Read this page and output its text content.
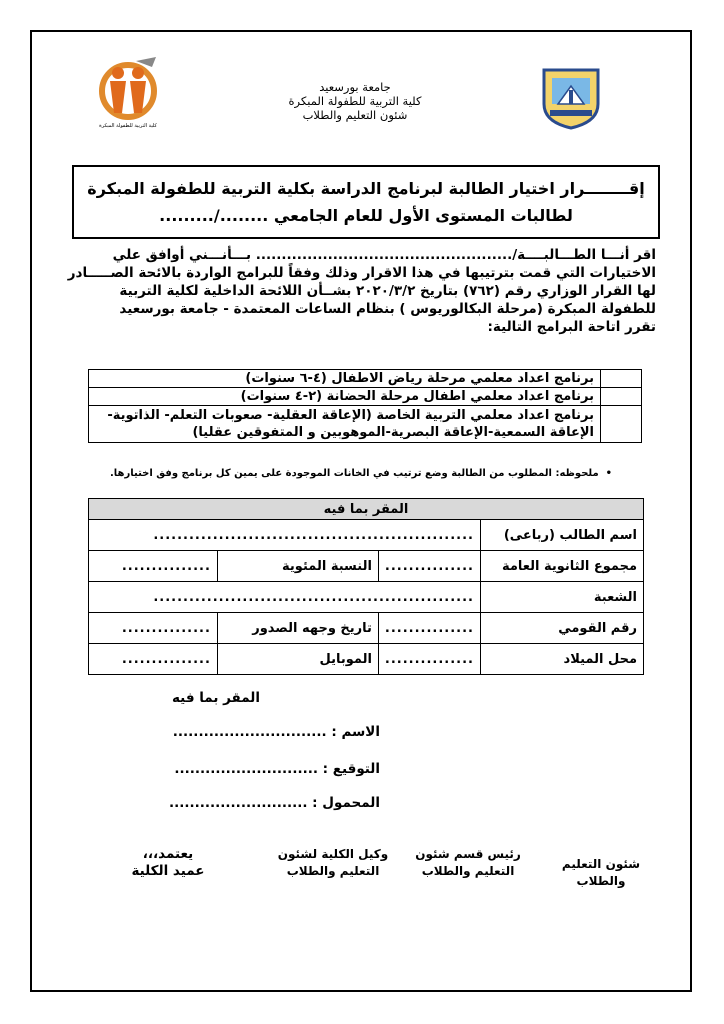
كلية التربية للطفولة المبكرة
جامعة بورسعيد
كلية التربية للطفولة المبكرة
شئون التعليم والطلاب
إقــــــــرار اختيار الطالبة لبرنامج الدراسة بكلية التربية للطفولة المبكرة
لطالبات المستوى الأول للعام الجامعي ......../.........
اقر أنـــا الطـــالبــــة/.................................................. بـــأنـــني أوافق علي
الاختيارات التي قمت بترتيبها في هذا الاقرار وذلك وفقاً للبرامج الواردة بالائحة الصـــــادر
لها القرار الوزاري رقم (٧٦٢) بتاريخ ٢٠٢٠/٣/٢ بشــأن اللائحة الداخلية لكلية التربية
للطفولة المبكرة (مرحلة البكالوريوس ) بنظام الساعات المعتمدة - جامعة بورسعيد
تقرر اتاحة البرامج التالية:
	برنامج اعداد معلمي مرحلة رياض الاطفال (٤-٦ سنوات)
	برنامج اعداد معلمي اطفال مرحلة الحضانة (٢-٤ سنوات)
	برنامج اعداد معلمي التربية الخاصة (الإعاقة العقلية- صعوبات التعلم- الذاتوية- الإعاقة السمعية-الإعاقة البصرية-الموهوبين و المتفوقين عقليا)
•  ملحوظه: المطلوب من الطالبة وضع ترتيب في الخانات الموجودة على يمين كل برنامج وفق اختيارها.
المقر بما فيه			
اسم الطالب (رباعى)	......................................................		
مجموع الثانوية العامة	...............	النسبة المئوية	...............
الشعبة	......................................................		
رقم القومي	...............	تاريخ وجهه الصدور	...............
محل الميلاد	...............	الموبايل	...............
المقر بما فيه
الاسم : ..............................
التوقيع : ............................
المحمول : ...........................
شئون التعليم والطلاب
رئيس قسم شئون
التعليم والطلاب
وكيل الكلية لشئون
التعليم والطلاب
يعتمد،،،
عميد الكلية
